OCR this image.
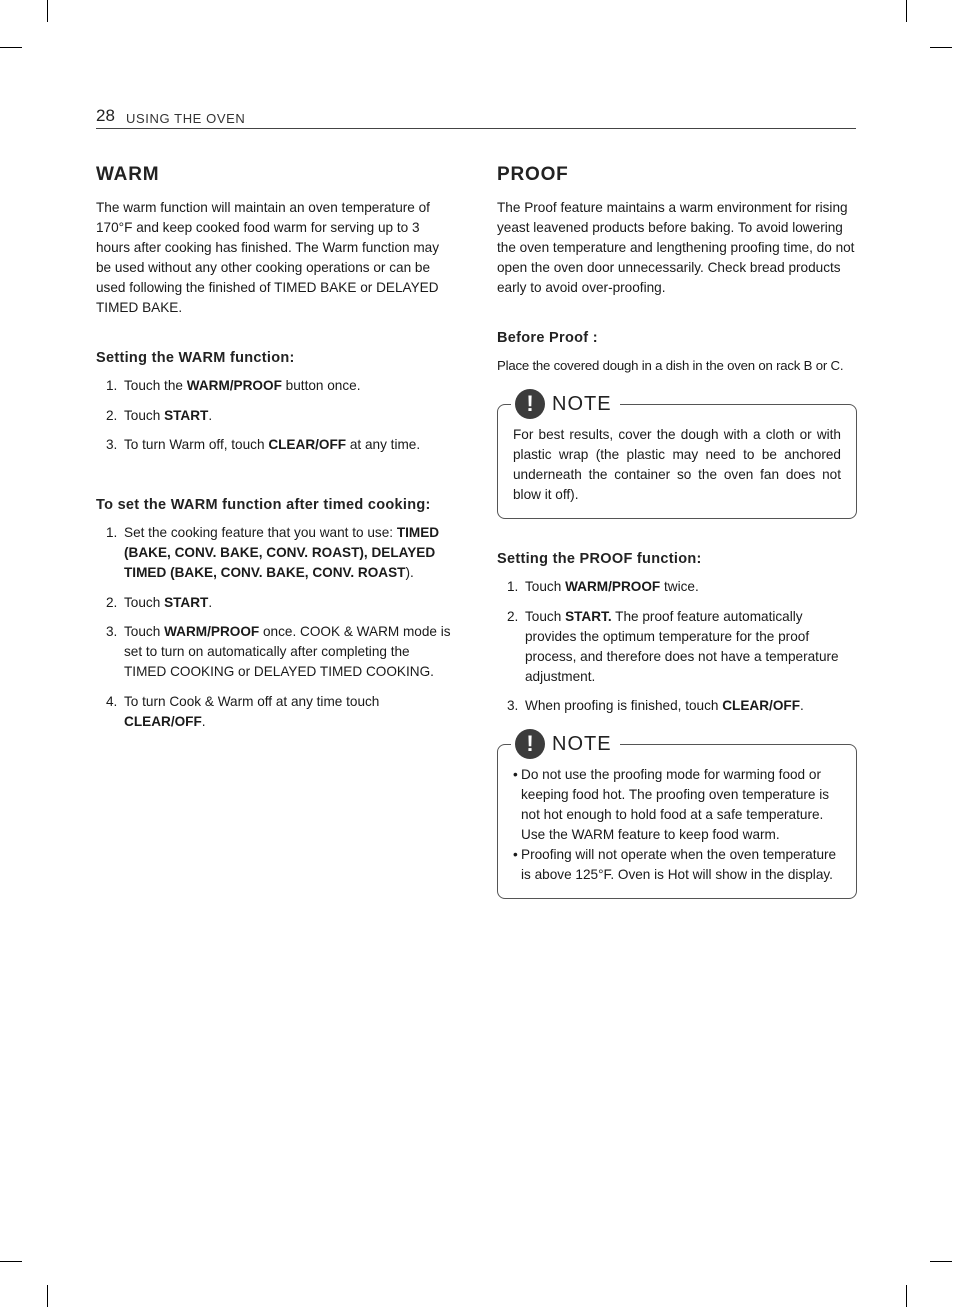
28 USING THE OVEN
WARM

The warm function will maintain an oven temperature of 170°F and keep cooked food warm for serving up to 3 hours after cooking has finished. The Warm function may be used without any other cooking operations or can be used following the finished of TIMED BAKE or DELAYED TIMED BAKE.

Setting the WARM function:
1. Touch the WARM/PROOF button once.
2. Touch START.
3. To turn Warm off, touch CLEAR/OFF at any time.
To set the WARM function after timed cooking:
1. Set the cooking feature that you want to use: TIMED (BAKE, CONV. BAKE, CONV. ROAST), DELAYED TIMED (BAKE, CONV. BAKE, CONV. ROAST).
2. Touch START.
3. Touch WARM/PROOF once. COOK & WARM mode is set to turn on automatically after completing the TIMED COOKING or DELAYED TIMED COOKING.
4. To turn Cook & Warm off at any time touch CLEAR/OFF.
PROOF

The Proof feature maintains a warm environment for rising yeast leavened products before baking. To avoid lowering the oven temperature and lengthening proofing time, do not open the oven door unnecessarily. Check bread products early to avoid over-proofing.

Before Proof :

Place the covered dough in a dish in the oven on rack B or C.

! NOTE

For best results, cover the dough with a cloth or with plastic wrap (the plastic may need to be anchored underneath the container so the oven fan does not blow it off).

Setting the PROOF function:
1. Touch WARM/PROOF twice.
2. Touch START. The proof feature automatically provides the optimum temperature for the proof process, and therefore does not have a temperature adjustment.
3. When proofing is finished, touch CLEAR/OFF.
! NOTE
• Do not use the proofing mode for warming food or keeping food hot. The proofing oven temperature is not hot enough to hold food at a safe temperature. Use the WARM feature to keep food warm.
• Proofing will not operate when the oven temperature is above 125°F. Oven is Hot will show in the display.
